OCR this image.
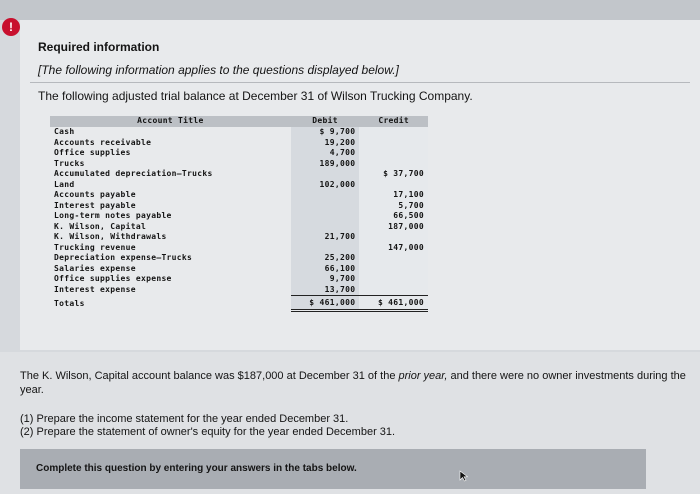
!
Required information
[The following information applies to the questions displayed below.]
The following adjusted trial balance at December 31 of Wilson Trucking Company.
Account Title	Debit	Credit
Cash	$ 9,700	
Accounts receivable	19,200	
Office supplies	4,700	
Trucks	189,000	
Accumulated depreciation—Trucks		$ 37,700
Land	102,000	
Accounts payable		17,100
Interest payable		5,700
Long-term notes payable		66,500
K. Wilson, Capital		187,000
K. Wilson, Withdrawals	21,700	
Trucking revenue		147,000
Depreciation expense—Trucks	25,200	
Salaries expense	66,100	
Office supplies expense	9,700	
Interest expense	13,700	
Totals	$ 461,000	$ 461,000
The K. Wilson, Capital account balance was $187,000 at December 31 of the prior year, and there were no owner investments during the year.
(1) Prepare the income statement for the year ended December 31.
(2) Prepare the statement of owner's equity for the year ended December 31.
Complete this question by entering your answers in the tabs below.
